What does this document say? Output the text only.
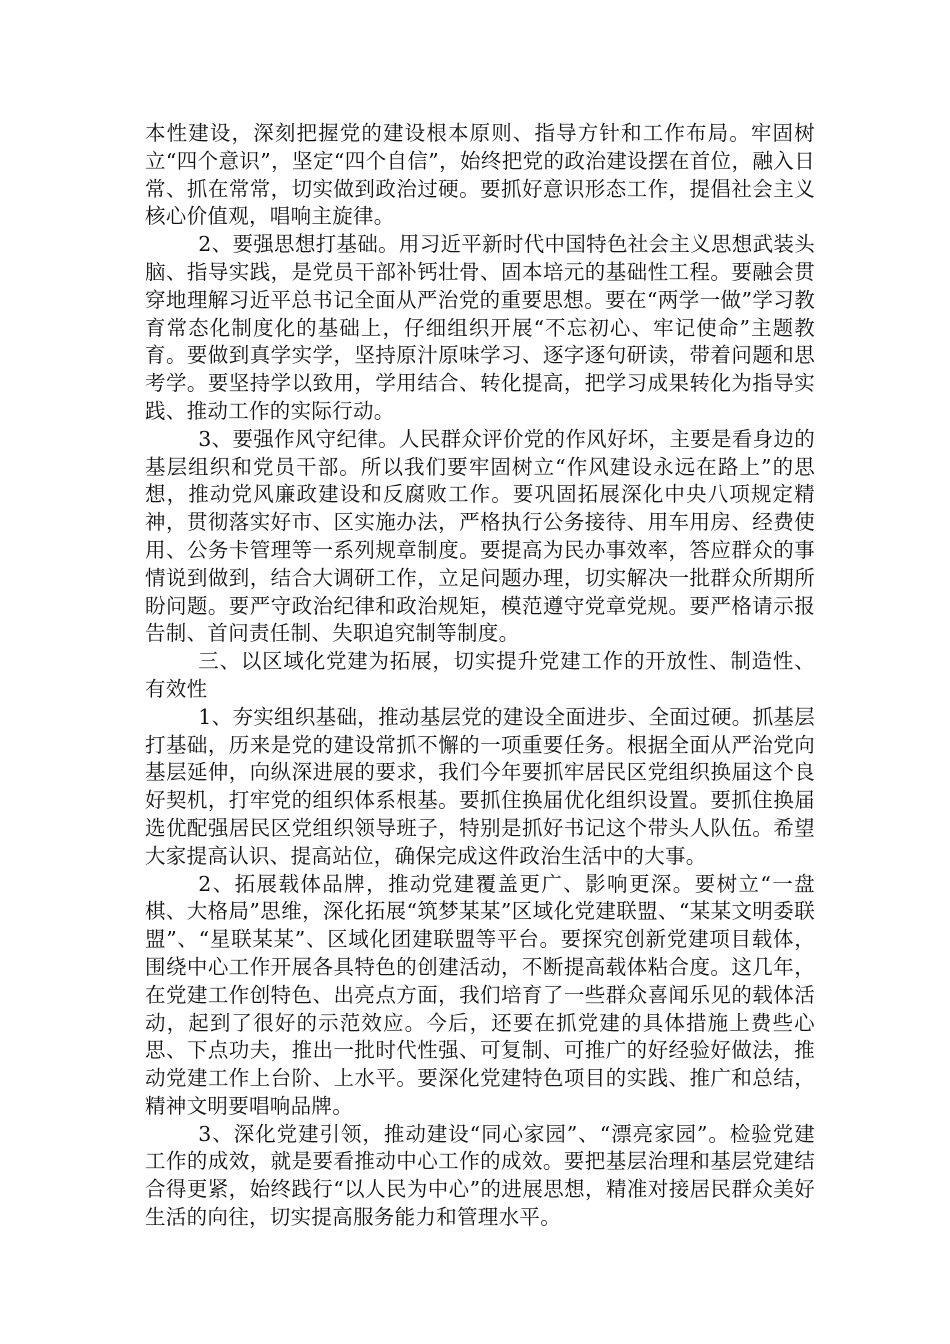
本性建设，深刻把握党的建设根本原则、指导方针和工作布局。牢固树立“四个意识”，坚定“四个自信”，始终把党的政治建设摆在首位，融入日常、抓在常常，切实做到政治过硬。要抓好意识形态工作，提倡社会主义核心价值观，唱响主旋律。

2、要强思想打基础。用习近平新时代中国特色社会主义思想武装头脑、指导实践，是党员干部补钙壮骨、固本培元的基础性工程。要融会贯穿地理解习近平总书记全面从严治党的重要思想。要在“两学一做”学习教育常态化制度化的基础上，仔细组织开展“不忘初心、牢记使命”主题教育。要做到真学实学，坚持原汁原味学习、逐字逐句研读，带着问题和思考学。要坚持学以致用，学用结合、转化提高，把学习成果转化为指导实践、推动工作的实际行动。

3、要强作风守纪律。人民群众评价党的作风好坏，主要是看身边的基层组织和党员干部。所以我们要牢固树立“作风建设永远在路上”的思想，推动党风廉政建设和反腐败工作。要巩固拓展深化中央八项规定精神，贯彻落实好市、区实施办法，严格执行公务接待、用车用房、经费使用、公务卡管理等一系列规章制度。要提高为民办事效率，答应群众的事情说到做到，结合大调研工作，立足问题办理，切实解决一批群众所期所盼问题。要严守政治纪律和政治规矩，模范遵守党章党规。要严格请示报告制、首问责任制、失职追究制等制度。

三、以区域化党建为拓展，切实提升党建工作的开放性、制造性、有效性

1、夯实组织基础，推动基层党的建设全面进步、全面过硬。抓基层打基础，历来是党的建设常抓不懈的一项重要任务。根据全面从严治党向基层延伸，向纵深进展的要求，我们今年要抓牢居民区党组织换届这个良好契机，打牢党的组织体系根基。要抓住换届优化组织设置。要抓住换届选优配强居民区党组织领导班子，特别是抓好书记这个带头人队伍。希望大家提高认识、提高站位，确保完成这件政治生活中的大事。

2、拓展载体品牌，推动党建覆盖更广、影响更深。要树立“一盘棋、大格局”思维，深化拓展“筑梦某某”区域化党建联盟、“某某文明委联盟”、“星联某某”、区域化团建联盟等平台。要探究创新党建项目载体，围绕中心工作开展各具特色的创建活动，不断提高载体粘合度。这几年，在党建工作创特色、出亮点方面，我们培育了一些群众喜闻乐见的载体活动，起到了很好的示范效应。今后，还要在抓党建的具体措施上费些心思、下点功夫，推出一批时代性强、可复制、可推广的好经验好做法，推动党建工作上台阶、上水平。要深化党建特色项目的实践、推广和总结，精神文明要唱响品牌。

3、深化党建引领，推动建设“同心家园”、“漂亮家园”。检验党建工作的成效，就是要看推动中心工作的成效。要把基层治理和基层党建结合得更紧，始终践行“以人民为中心”的进展思想，精准对接居民群众美好生活的向往，切实提高服务能力和管理水平。
